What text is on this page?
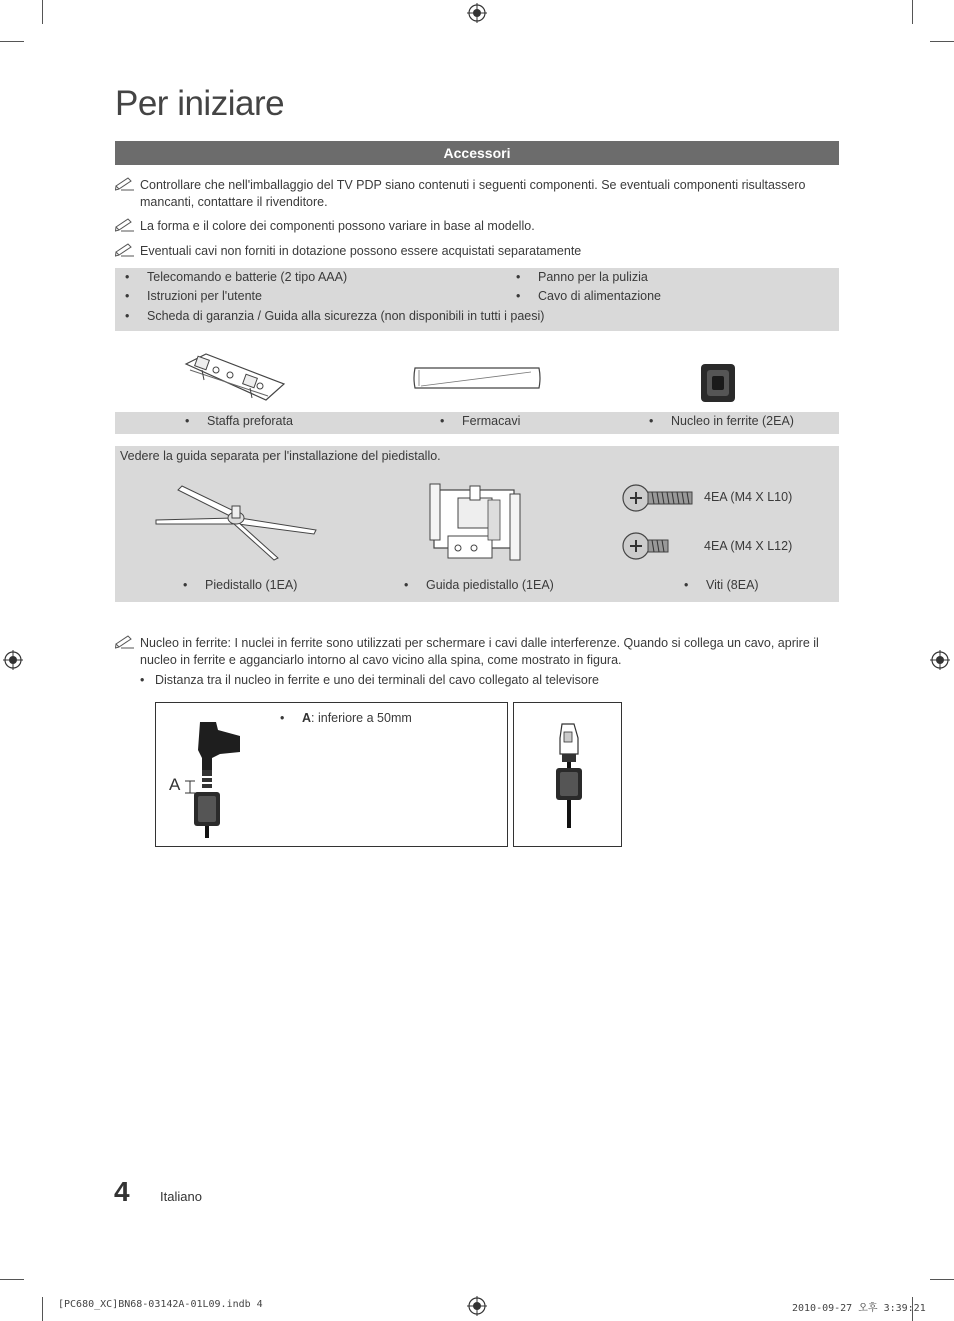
Per iniziare
Accessori
Controllare che nell'imballaggio del TV PDP siano contenuti i seguenti componenti. Se eventuali componenti risultassero mancanti, contattare il rivenditore.
La forma e il colore dei componenti possono variare in base al modello.
Eventuali cavi non forniti in dotazione possono essere acquistati separatamente
• Telecomando e batterie (2 tipo AAA)
• Istruzioni per l'utente
• Panno per la pulizia
• Cavo di alimentazione
• Scheda di garanzia / Guida alla sicurezza (non disponibili in tutti i paesi)
• Staffa preforata	• Fermacavi	• Nucleo in ferrite (2EA)
Vedere la guida separata per l'installazione del piedistallo.
4EA (M4 X L10)
4EA (M4 X L12)
• Piedistallo (1EA)	• Guida piedistallo (1EA)	• Viti (8EA)
Nucleo in ferrite: I nuclei in ferrite sono utilizzati per schermare i cavi dalle interferenze. Quando si collega un cavo, aprire il nucleo in ferrite e agganciarlo intorno al cavo vicino alla spina, come mostrato in figura.
• Distanza tra il nucleo in ferrite e uno dei terminali del cavo collegato al televisore
A
• A: inferiore a 50mm
4 Italiano
[PC680_XC]BN68-03142A-01L09.indb 4	2010-09-27 오후 3:39:21
